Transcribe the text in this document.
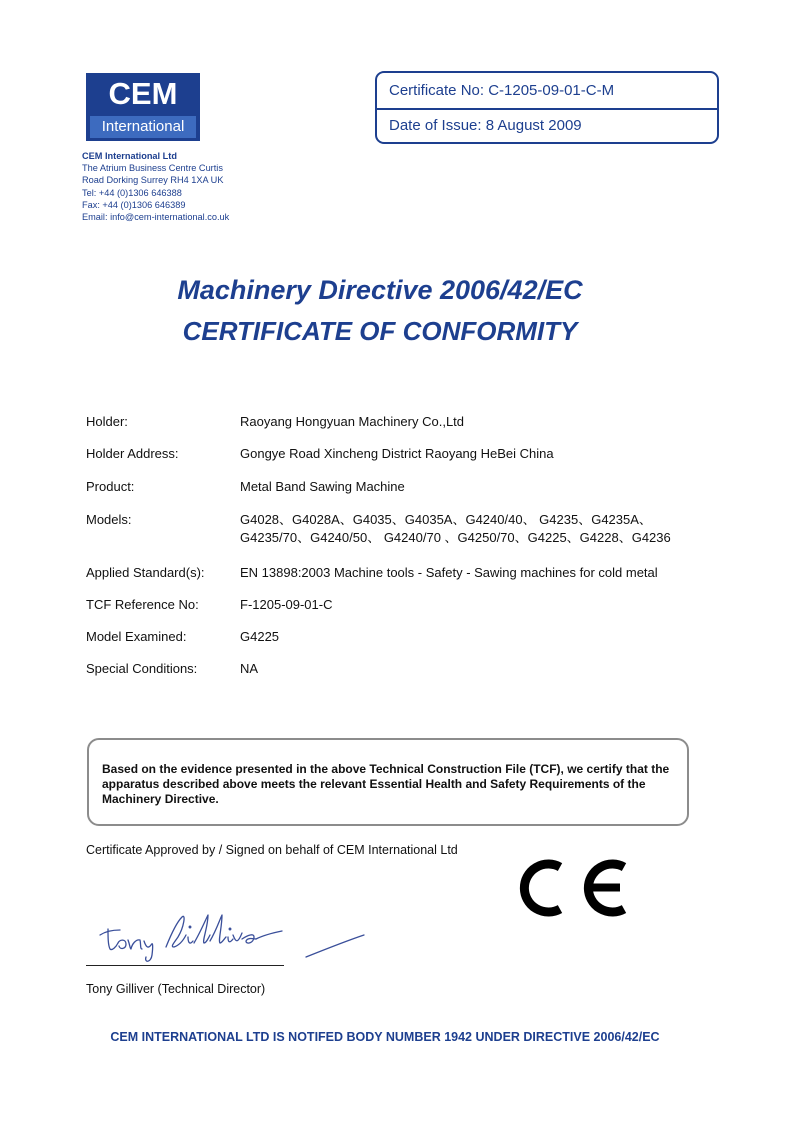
CEM
International
CEM International Ltd
The Atrium Business Centre Curtis
Road Dorking Surrey RH4 1XA UK
Tel: +44 (0)1306 646388
Fax: +44 (0)1306 646389
Email: info@cem-international.co.uk
Certificate No: C-1205-09-01-C-M
Date of Issue: 8 August 2009
Machinery Directive 2006/42/EC
CERTIFICATE OF CONFORMITY
Holder:	Raoyang Hongyuan Machinery Co.,Ltd
Holder Address:	Gongye Road Xincheng District Raoyang HeBei China
Product:	Metal Band Sawing Machine
Models:	G4028、G4028A、G4035、G4035A、G4240/40、 G4235、G4235A、
G4235/70、G4240/50、 G4240/70 、G4250/70、G4225、G4228、G4236
Applied Standard(s):	EN 13898:2003 Machine tools - Safety - Sawing machines for cold metal
TCF Reference No:	F-1205-09-01-C
Model Examined:	G4225
Special Conditions:	NA
Based on the evidence presented in the above Technical Construction File (TCF), we certify that the apparatus described above meets the relevant Essential Health and Safety Requirements of the Machinery Directive.
Certificate Approved by / Signed on behalf of CEM International Ltd
Tony Gilliver (Technical Director)
CEM INTERNATIONAL LTD IS NOTIFED BODY NUMBER 1942 UNDER DIRECTIVE 2006/42/EC
